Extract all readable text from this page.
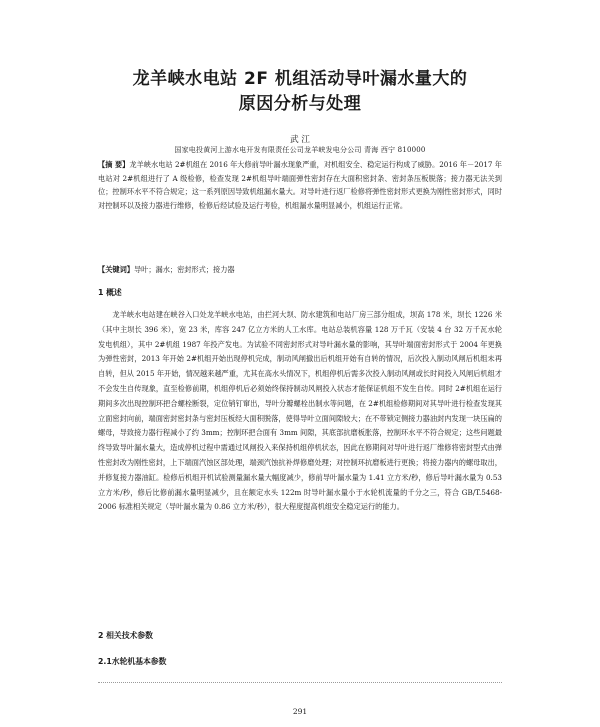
龙羊峡水电站 2F 机组活动导叶漏水量大的
原因分析与处理
武 江
国家电投黄河上游水电开发有限责任公司龙羊峡发电分公司 青海 西宁 810000
【摘 要】龙羊峡水电站 2#机组在 2016 年大修前导叶漏水现象严重，对机组安全、稳定运行构成了威胁。2016 年－2017 年电站对 2#机组进行了 A 级检修，检查发现 2#机组导叶端面弹性密封存在大面积密封条、密封条压板脱落；接力器无法关到位；控制环水平不符合规定；这一系列原因导致机组漏水量大。对导叶进行返厂检修将弹性密封形式更换为刚性密封形式，同时对控制环以及接力器进行维修，检修后经试验及运行考验，机组漏水量明显减小，机组运行正常。
【关键词】导叶；漏水；密封形式；接力器
1 概述

龙羊峡水电站建在峡谷入口处龙羊峡水电站，由拦河大坝、防水建筑和电站厂房三部分组成，坝高 178 米，坝长 1226 米（其中主坝长 396 米），宽 23 米，库容 247 亿立方米的人工水库。电站总装机容量 128 万千瓦（安装 4 台 32 万千瓦水轮发电机组），其中 2#机组 1987 年投产发电。为试验不同密封形式对导叶漏水量的影响，其导叶端面密封形式于 2004 年更换为弹性密封，2013 年开始 2#机组开始出现停机完成，制动风闸撤出后机组开始有自转的情况，后次投入制动风闸后机组未再自转，但从 2015 年开始，情况越来越严重，尤其在高水头情况下，机组停机后需多次投入制动风闸或长时间投入风闸后机组才不会发生自传现象，直至检修前期，机组停机后必须始终保持制动风闸投入状态才能保证机组不发生自传。同时 2#机组在运行期间多次出现控制环把合螺栓断裂，定位销钉窜出，导叶分瓣螺栓出制水等问题，在 2#机组检修期间对其导叶进行检查发现其立面密封向前，端面密封密封条与密封压板经大面积脱落，使得导叶立面间隙较大；在不带锁定侧接力器油封内发现一块压扁的螺母，导致接力器行程减小了约 3mm；控制环把合面有 3mm 间隙，其底部抗磨板胀落，控制环水平不符合规定；这些问题最终导致导叶漏水量大，造成停机过程中需通过风闸投入来保持机组停机状态，因此在修期间对导叶进行返厂维修将密封型式由弹性密封改为刚性密封，上下端面汽蚀区部处理，端颈汽蚀抗补焊修磨处理；对控制环抗磨板进行更换；将接力器内的螺母取出，并修复接力器油缸。检修后机组开机试验测量漏水量大幅度减少，修前导叶漏水量为 1.41 立方米/秒，修后导叶漏水量为 0.53 立方米/秒，修后比修前漏水量明显减少，且在额定水头 122m 时导叶漏水量小于水轮机流量的千分之三，符合 GB/T.5468-2006 标准相关规定（导叶漏水量为 0.86 立方米/秒），很大程度提高机组安全稳定运行的能力。

2 相关技术参数
2.1水轮机基本参数
291
